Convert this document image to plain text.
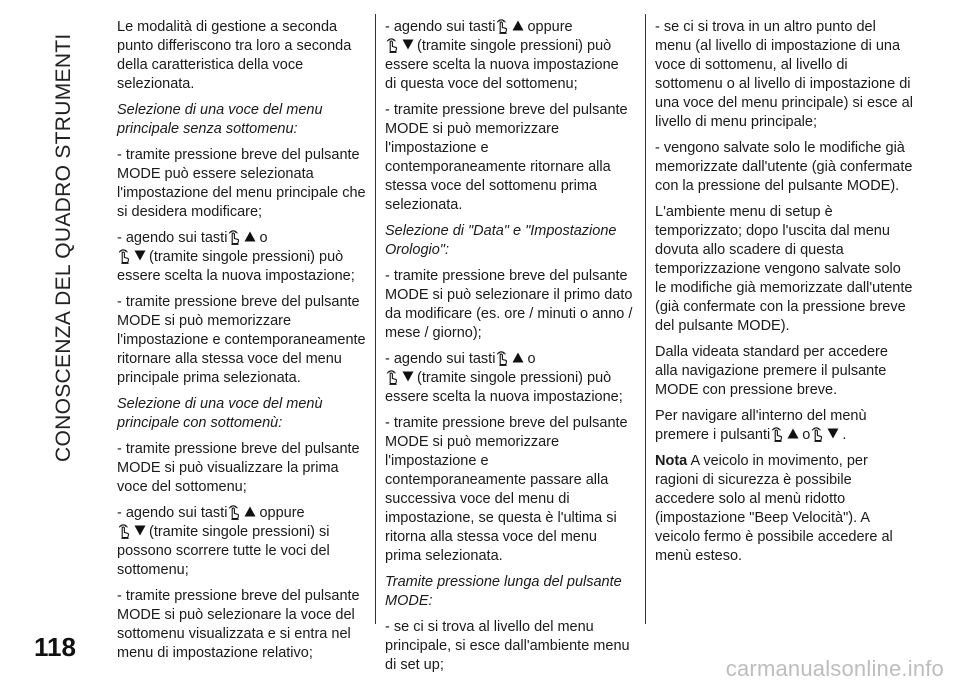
CONOSCENZA DEL QUADRO STRUMENTI

Le modalità di gestione a seconda punto differiscono tra loro a seconda della caratteristica della voce selezionata.

Selezione di una voce del menu principale senza sottomenu:

- tramite pressione breve del pulsante MODE può essere selezionata l'impostazione del menu principale che si desidera modificare;

- agendo sui tasti o
(tramite singole pressioni) può essere scelta la nuova impostazione;

- tramite pressione breve del pulsante MODE si può memorizzare l'impostazione e contemporaneamente ritornare alla stessa voce del menu principale prima selezionata.

Selezione di una voce del menù principale con sottomenù:

- tramite pressione breve del pulsante MODE si può visualizzare la prima voce del sottomenu;

- agendo sui tasti oppure
(tramite singole pressioni) si possono scorrere tutte le voci del sottomenu;

- tramite pressione breve del pulsante MODE si può selezionare la voce del sottomenu visualizzata e si entra nel menu di impostazione relativo;

- agendo sui tasti oppure
(tramite singole pressioni) può essere scelta la nuova impostazione di questa voce del sottomenu;

- tramite pressione breve del pulsante MODE si può memorizzare l'impostazione e contemporaneamente ritornare alla stessa voce del sottomenu prima selezionata.

Selezione di "Data" e "Impostazione Orologio":

- tramite pressione breve del pulsante MODE si può selezionare il primo dato da modificare (es. ore / minuti o anno / mese / giorno);

- agendo sui tasti o
(tramite singole pressioni) può essere scelta la nuova impostazione;

- tramite pressione breve del pulsante MODE si può memorizzare l'impostazione e contemporaneamente passare alla successiva voce del menu di impostazione, se questa è l'ultima si ritorna alla stessa voce del menu prima selezionata.

Tramite pressione lunga del pulsante MODE:

- se ci si trova al livello del menu principale, si esce dall'ambiente menu di set up;

- se ci si trova in un altro punto del menu (al livello di impostazione di una voce di sottomenu, al livello di sottomenu o al livello di impostazione di una voce del menu principale) si esce al livello di menu principale;

- vengono salvate solo le modifiche già memorizzate dall'utente (già confermate con la pressione del pulsante MODE).

L'ambiente menu di setup è temporizzato; dopo l'uscita dal menu dovuta allo scadere di questa temporizzazione vengono salvate solo le modifiche già memorizzate dall'utente (già confermate con la pressione breve del pulsante MODE).

Dalla videata standard per accedere alla navigazione premere il pulsante MODE con pressione breve.

Per navigare all'interno del menù premere i pulsanti o .

Nota A veicolo in movimento, per ragioni di sicurezza è possibile accedere solo al menù ridotto (impostazione "Beep Velocità"). A veicolo fermo è possibile accedere al menù esteso.

118
carmanualsonline.info
